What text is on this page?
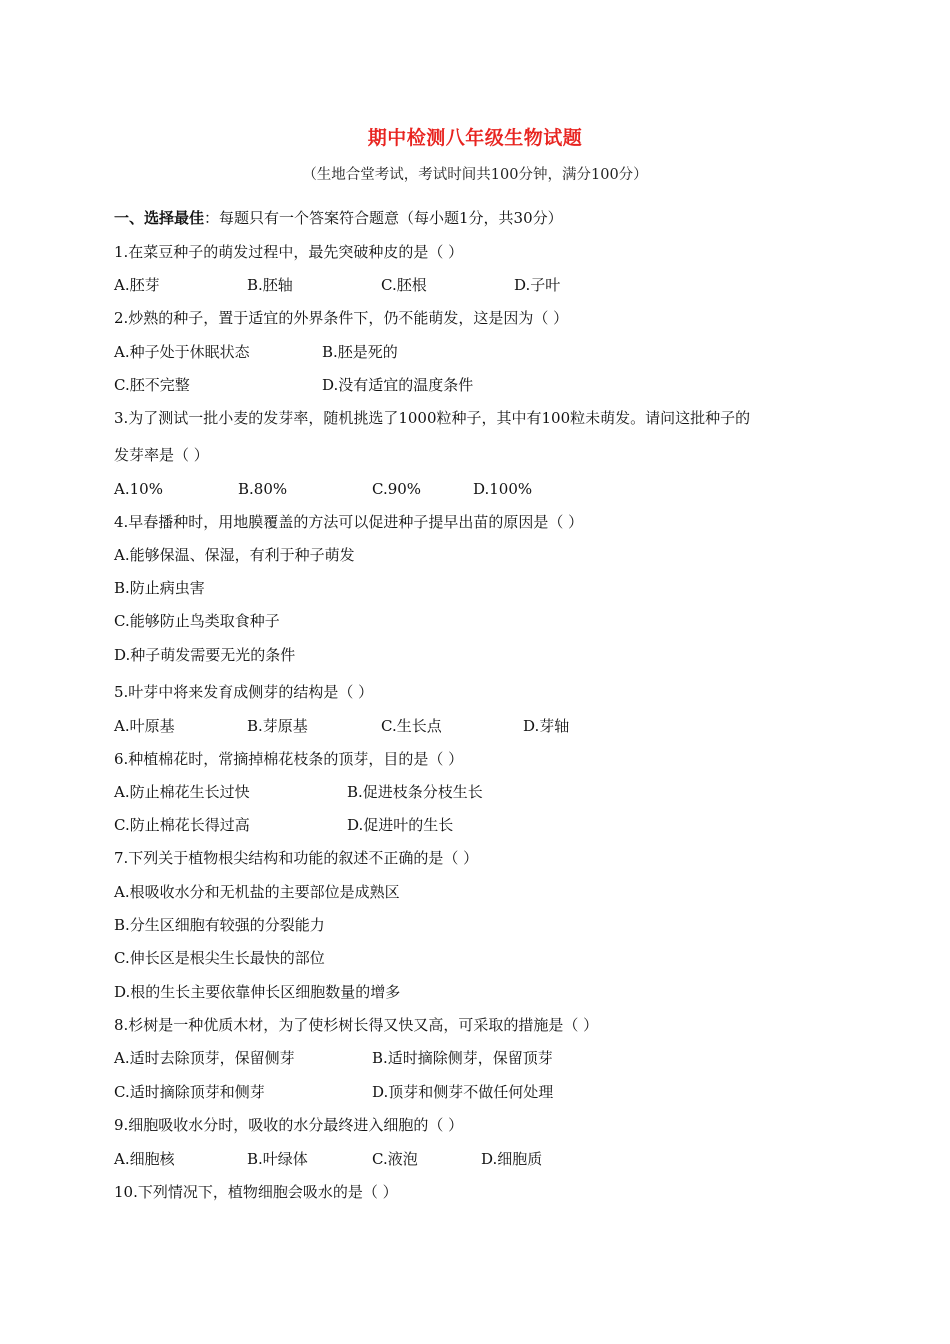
期中检测八年级生物试题
（生地合堂考试，考试时间共100分钟，满分100分）
一、选择最佳：每题只有一个答案符合题意（每小题1分，共30分）
1.在菜豆种子的萌发过程中，最先突破种皮的是（ ）
A.胚芽	B.胚轴	C.胚根	D.子叶
2.炒熟的种子，置于适宜的外界条件下，仍不能萌发，这是因为（ ）
A.种子处于休眠状态	B.胚是死的
C.胚不完整	D.没有适宜的温度条件
3.为了测试一批小麦的发芽率，随机挑选了1000粒种子，其中有100粒未萌发。请问这批种子的
发芽率是（ ）
A.10%	B.80%	C.90%	D.100%
4.早春播种时，用地膜覆盖的方法可以促进种子提早出苗的原因是（ ）
A.能够保温、保湿，有利于种子萌发
B.防止病虫害
C.能够防止鸟类取食种子
D.种子萌发需要无光的条件
5.叶芽中将来发育成侧芽的结构是（ ）
A.叶原基	B.芽原基	C.生长点	D.芽轴
6.种植棉花时，常摘掉棉花枝条的顶芽，目的是（ ）
A.防止棉花生长过快	B.促进枝条分枝生长
C.防止棉花长得过高	D.促进叶的生长
7.下列关于植物根尖结构和功能的叙述不正确的是（ ）
A.根吸收水分和无机盐的主要部位是成熟区
B.分生区细胞有较强的分裂能力
C.伸长区是根尖生长最快的部位
D.根的生长主要依靠伸长区细胞数量的增多
8.杉树是一种优质木材，为了使杉树长得又快又高，可采取的措施是（ ）
A.适时去除顶芽，保留侧芽	B.适时摘除侧芽，保留顶芽
C.适时摘除顶芽和侧芽	D.顶芽和侧芽不做任何处理
9.细胞吸收水分时，吸收的水分最终进入细胞的（ ）
A.细胞核	B.叶绿体	C.液泡	D.细胞质
10.下列情况下，植物细胞会吸水的是（ ）
